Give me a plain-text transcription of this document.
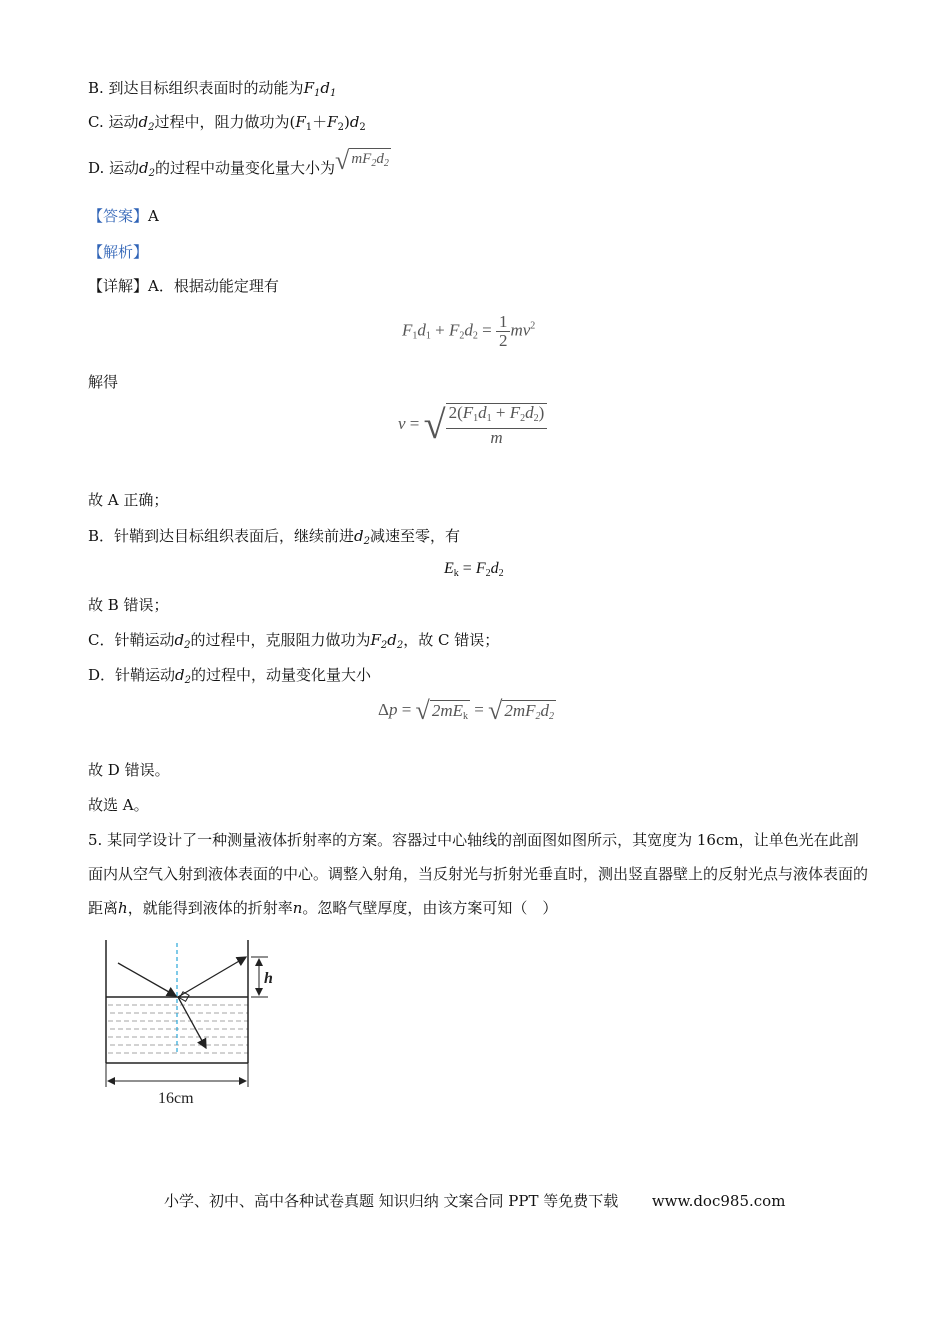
B. 到达目标组织表面时的动能为$F_1d_1$
C. 运动$d_2$过程中，阻力做功为$(F_1+F_2)d_2$
D. 运动$d_2$的过程中动量变化量大小为√ $mF_2d_2$
【答案】A
【解析】
【详解】A．根据动能定理有
$F_1d_1 + F_2d_2 = \frac{1}{2} mv^2$
解得
v = √ $\frac{2(F_1d_1 + F_2d_2)}{m}$
故 A 正确；
B．针鞘到达目标组织表面后，继续前进$d_2$减速至零，有
$E_k = F_2d_2$
故 B 错误；
C．针鞘运动$d_2$的过程中，克服阻力做功为$F_2d_2$，故 C 错误；
D．针鞘运动$d_2$的过程中，动量变化量大小
Δp = √ $2mE_k$ = √ $2mF_2d_2$
故 D 错误。
故选 A。
5. 某同学设计了一种测量液体折射率的方案。容器过中心轴线的剖面图如图所示，其宽度为 16cm，让单色光在此剖面内从空气入射到液体表面的中心。调整入射角，当反射光与折射光垂直时，测出竖直器壁上的反射光点与液体表面的距离h，就能得到液体的折射率n。忽略气壁厚度，由该方案可知（　）
h
16cm
小学、初中、高中各种试卷真题 知识归纳 文案合同 PPT 等免费下载 www.doc985.com
